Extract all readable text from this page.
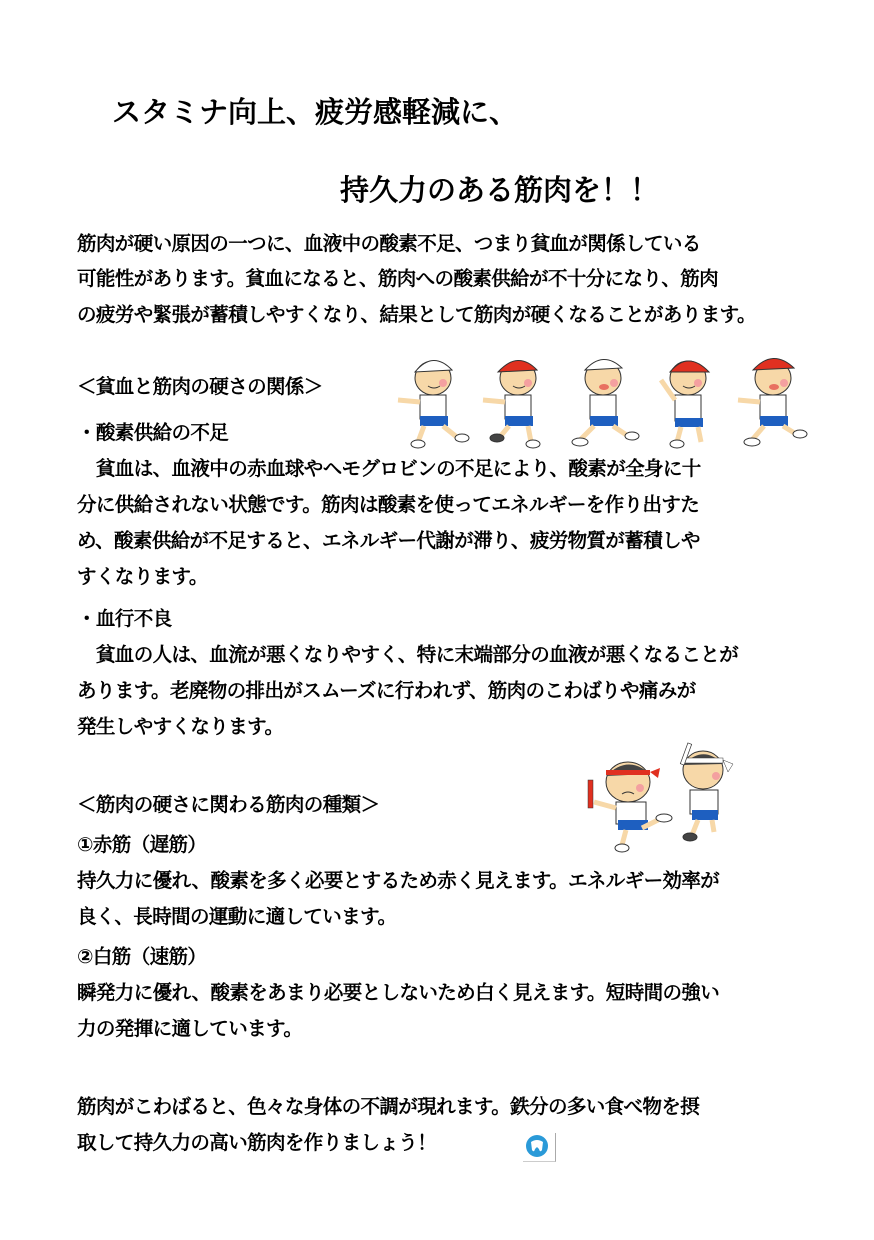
スタミナ向上、疲労感軽減に、
持久力のある筋肉を！！
筋肉が硬い原因の一つに、血液中の酸素不足、つまり貧血が関係している
可能性があります。貧血になると、筋肉への酸素供給が不十分になり、筋肉
の疲労や緊張が蓄積しやすくなり、結果として筋肉が硬くなることがあります。
＜貧血と筋肉の硬さの関係＞
・酸素供給の不足
　貧血は、血液中の赤血球やヘモグロビンの不足により、酸素が全身に十
分に供給されない状態です。筋肉は酸素を使ってエネルギーを作り出すた
め、酸素供給が不足すると、エネルギー代謝が滞り、疲労物質が蓄積しや
すくなります。
・血行不良
　貧血の人は、血流が悪くなりやすく、特に末端部分の血液が悪くなることが
あります。老廃物の排出がスムーズに行われず、筋肉のこわばりや痛みが
発生しやすくなります。
＜筋肉の硬さに関わる筋肉の種類＞
①赤筋（遅筋）
持久力に優れ、酸素を多く必要とするため赤く見えます。エネルギー効率が
良く、長時間の運動に適しています。
②白筋（速筋）
瞬発力に優れ、酸素をあまり必要としないため白く見えます。短時間の強い
力の発揮に適しています。
筋肉がこわばると、色々な身体の不調が現れます。鉄分の多い食べ物を摂
取して持久力の高い筋肉を作りましょう！
